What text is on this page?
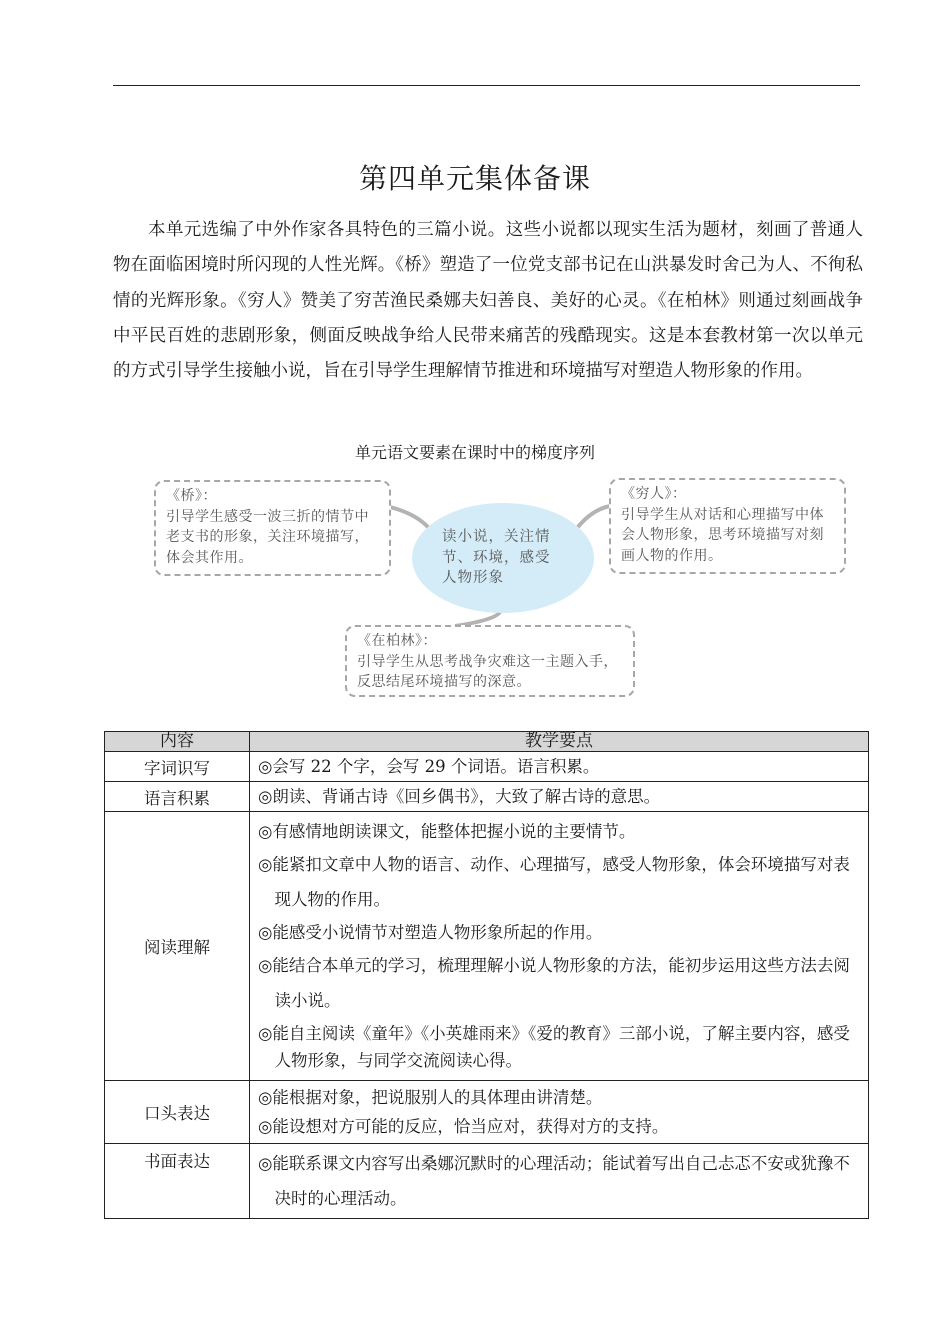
第四单元集体备课

本单元选编了中外作家各具特色的三篇小说。这些小说都以现实生活为题材，刻画了普通人物在面临困境时所闪现的人性光辉。《桥》塑造了一位党支部书记在山洪暴发时舍己为人、不徇私情的光辉形象。《穷人》赞美了穷苦渔民桑娜夫妇善良、美好的心灵。《在柏林》则通过刻画战争中平民百姓的悲剧形象，侧面反映战争给人民带来痛苦的残酷现实。这是本套教材第一次以单元的方式引导学生接触小说，旨在引导学生理解情节推进和环境描写对塑造人物形象的作用。

单元语文要素在课时中的梯度序列
《桥》：
引导学生感受一波三折的情节中老支书的形象，关注环境描写，体会其作用。
读小说，关注情节、环境，感受人物形象
《穷人》：
引导学生从对话和心理描写中体会人物形象，思考环境描写对刻画人物的作用。
《在柏林》：
引导学生从思考战争灾难这一主题入手，反思结尾环境描写的深意。
内容	教学要点
字词识写	◎会写 22 个字，会写 29 个词语。语言积累。

语言积累	◎朗读、背诵古诗《回乡偶书》，大致了解古诗的意思。

阅读理解	◎有感情地朗读课文，能整体把握小说的主要情节。

◎能紧扣文章中人物的语言、动作、心理描写，感受人物形象，体会环境描写对表现人物的作用。

◎能感受小说情节对塑造人物形象所起的作用。

◎能结合本单元的学习，梳理理解小说人物形象的方法，能初步运用这些方法去阅读小说。

◎能自主阅读《童年》《小英雄雨来》《爱的教育》三部小说，了解主要内容，感受人物形象，与同学交流阅读心得。

口头表达	◎能根据对象，把说服别人的具体理由讲清楚。

◎能设想对方可能的反应，恰当应对，获得对方的支持。

书面表达	◎能联系课文内容写出桑娜沉默时的心理活动；能试着写出自己忐忑不安或犹豫不决时的心理活动。
